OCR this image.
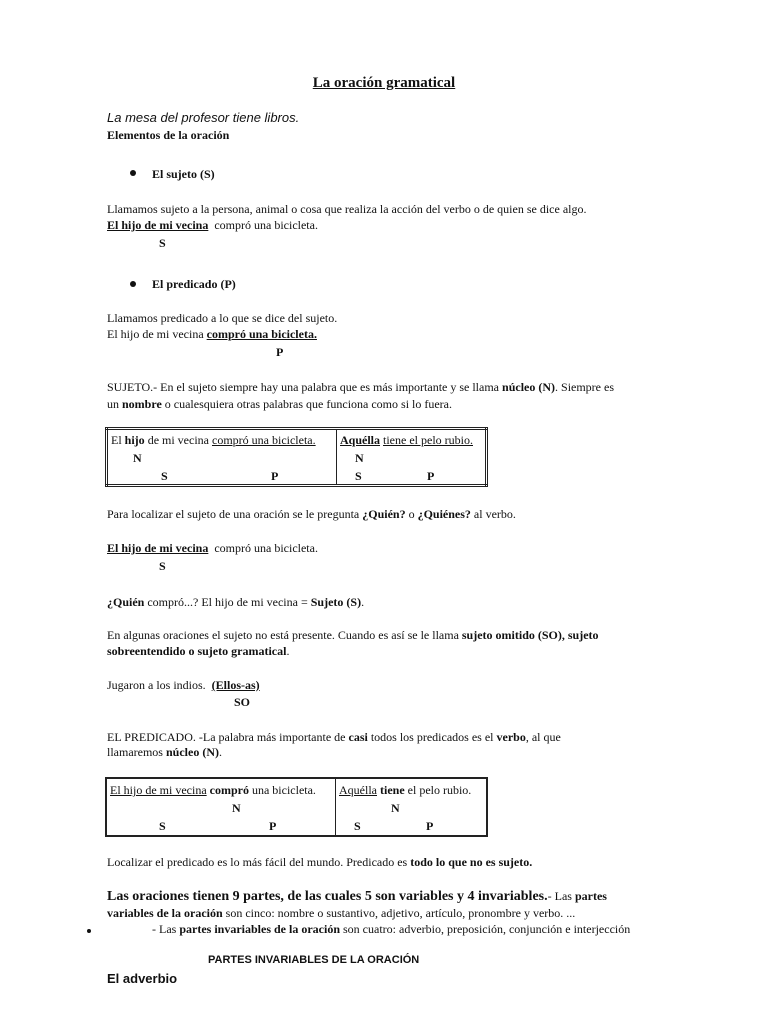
La oración gramatical
La mesa del profesor tiene libros.
Elementos de la oración
El sujeto (S)
Llamamos sujeto a la persona, animal o cosa que realiza la acción del verbo o de quien se dice algo.
El hijo de mi vecina compró una bicicleta.
S
El predicado (P)
Llamamos predicado a lo que se dice del sujeto.
El hijo de mi vecina compró una bicicleta.
P
SUJETO.- En el sujeto siempre hay una palabra que es más importante y se llama núcleo (N). Siempre es
un nombre o cualesquiera otras palabras que funciona como si lo fuera.
El hijo de mi vecina compró una bicicleta.
N
S	P

Aquélla tiene el pelo rubio.
N
S	P
Para localizar el sujeto de una oración se le pregunta ¿Quién? o ¿Quiénes? al verbo.
El hijo de mi vecina compró una bicicleta.
S
¿Quién compró...? El hijo de mi vecina = Sujeto (S).
En algunas oraciones el sujeto no está presente. Cuando es así se le llama sujeto omitido (SO), sujeto
sobreentendido o sujeto gramatical.
Jugaron a los indios. (Ellos-as)
SO
EL PREDICADO. -La palabra más importante de casi todos los predicados es el verbo, al que
llamaremos núcleo (N).
El hijo de mi vecina compró una bicicleta.
N
S	P

Aquélla tiene el pelo rubio.
N
S	P
Localizar el predicado es lo más fácil del mundo. Predicado es todo lo que no es sujeto.
Las oraciones tienen 9 partes, de las cuales 5 son variables y 4 invariables.- Las partes
variables de la oración son cinco: nombre o sustantivo, adjetivo, artículo, pronombre y verbo. ...
- Las partes invariables de la oración son cuatro: adverbio, preposición, conjunción e interjección
PARTES INVARIABLES DE LA ORACIÓN
El adverbio
